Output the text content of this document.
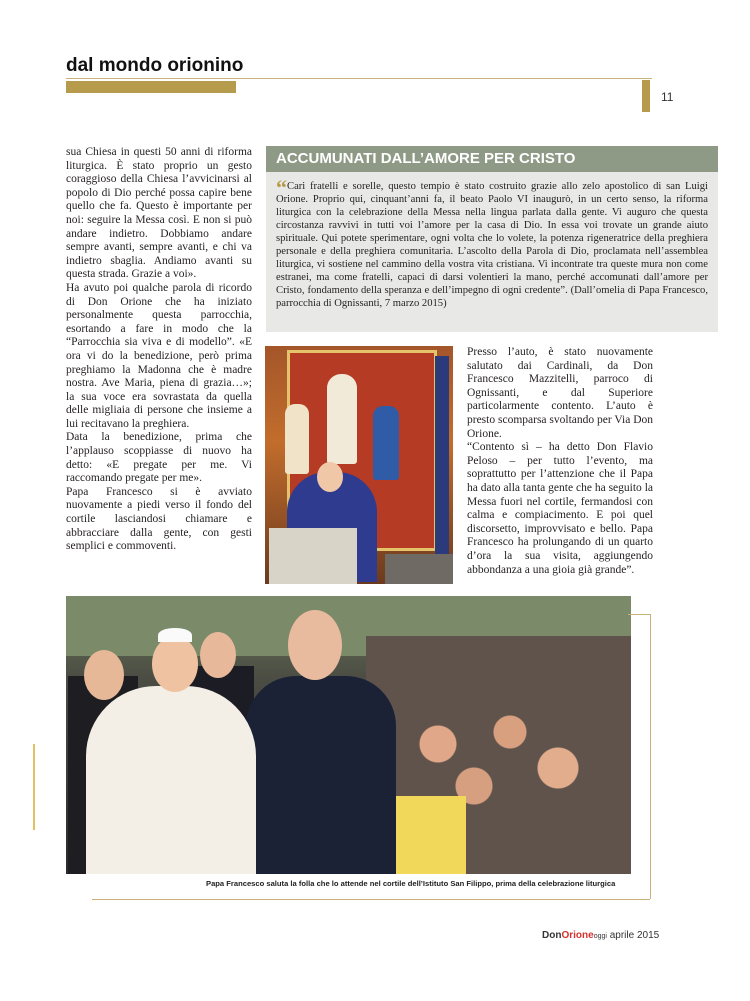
dal mondo orionino
11

sua Chiesa in questi 50 anni di riforma liturgica. È stato proprio un gesto coraggioso della Chiesa l’avvicinarsi al popolo di Dio perché possa capire bene quello che fa. Questo è importante per noi: seguire la Messa così. E non si può andare indietro. Dobbiamo andare sempre avanti, sempre avanti, e chi va indietro sbaglia. Andiamo avanti su questa strada. Grazie a voi».

Ha avuto poi qualche parola di ricordo di Don Orione che ha iniziato personalmente questa parrocchia, esortando a fare in modo che la “Parrocchia sia viva e di modello”. «E ora vi do la benedizione, però prima preghiamo la Madonna che è madre nostra. Ave Maria, piena di grazia…»; la sua voce era sovrastata da quella delle migliaia di persone che insieme a lui recitavano la preghiera.

Data la benedizione, prima che l’applauso scoppiasse di nuovo ha detto: «E pregate per me. Vi raccomando pregate per me».

Papa Francesco si è avviato nuovamente a piedi verso il fondo del cortile lasciandosi chiamare e abbracciare dalla gente, con gesti semplici e commoventi.

ACCUMUNATI DALL’AMORE PER CRISTO
“Cari fratelli e sorelle, questo tempio è stato costruito grazie allo zelo apostolico di san Luigi Orione. Proprio qui, cinquant’anni fa, il beato Paolo VI inaugurò, in un certo senso, la riforma liturgica con la celebrazione della Messa nella lingua parlata dalla gente. Vi auguro che questa circostanza ravvivi in tutti voi l’amore per la casa di Dio. In essa voi trovate un grande aiuto spirituale. Qui potete sperimentare, ogni volta che lo volete, la potenza rigeneratrice della preghiera personale e della preghiera comunitaria. L’ascolto della Parola di Dio, proclamata nell’assemblea liturgica, vi sostiene nel cammino della vostra vita cristiana. Vi incontrate tra queste mura non come estranei, ma come fratelli, capaci di darsi volentieri la mano, perché accomunati dall’amore per Cristo, fondamento della speranza e dell’impegno di ogni credente”. (Dall’omelia di Papa Francesco, parrocchia di Ognissanti, 7 marzo 2015)

Presso l’auto, è stato nuovamente salutato dai Cardinali, da Don Francesco Mazzitelli, parroco di Ognissanti, e dal Superiore particolarmente contento. L’auto è presto scomparsa svoltando per Via Don Orione.

“Contento sì – ha detto Don Flavio Peloso – per tutto l’evento, ma soprattutto per l’attenzione che il Papa ha dato alla tanta gente che ha seguito la Messa fuori nel cortile, fermandosi con calma e compiacimento. E poi quel discorsetto, improvvisato e bello. Papa Francesco ha prolungando di un quarto d’ora la sua visita, aggiungendo abbondanza a una gioia già grande”.

Papa Francesco saluta la folla che lo attende nel cortile dell’Istituto San Filippo, prima della celebrazione liturgica
DonOrioneoggi aprile 2015
